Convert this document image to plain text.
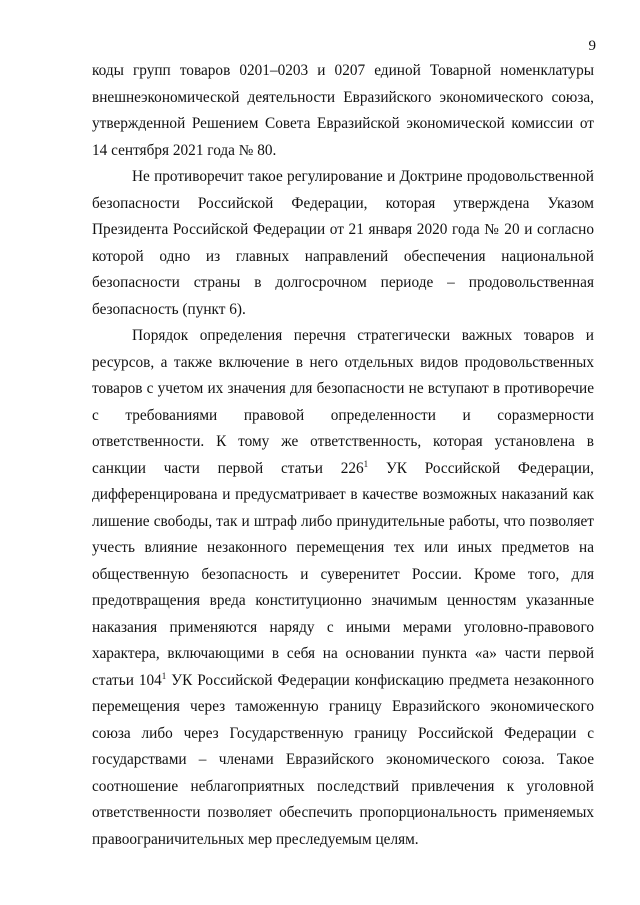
9

коды групп товаров 0201–0203 и 0207 единой Товарной номенклатуры внешнеэкономической деятельности Евразийского экономического союза, утвержденной Решением Совета Евразийской экономической комиссии от 14 сентября 2021 года № 80.

Не противоречит такое регулирование и Доктрине продовольственной безопасности Российской Федерации, которая утверждена Указом Президента Российской Федерации от 21 января 2020 года № 20 и согласно которой одно из главных направлений обеспечения национальной безопасности страны в долгосрочном периоде – продовольственная безопасность (пункт 6).

Порядок определения перечня стратегически важных товаров и ресурсов, а также включение в него отдельных видов продовольственных товаров с учетом их значения для безопасности не вступают в противоречие с требованиями правовой определенности и соразмерности ответственности. К тому же ответственность, которая установлена в санкции части первой статьи $226^1$ УК Российской Федерации, дифференцирована и предусматривает в качестве возможных наказаний как лишение свободы, так и штраф либо принудительные работы, что позволяет учесть влияние незаконного перемещения тех или иных предметов на общественную безопасность и суверенитет России. Кроме того, для предотвращения вреда конституционно значимым ценностям указанные наказания применяются наряду с иными мерами уголовно-правового характера, включающими в себя на основании пункта «а» части первой статьи $104^1$ УК Российской Федерации конфискацию предмета незаконного перемещения через таможенную границу Евразийского экономического союза либо через Государственную границу Российской Федерации с государствами – членами Евразийского экономического союза. Такое соотношение неблагоприятных последствий привлечения к уголовной ответственности позволяет обеспечить пропорциональность применяемых правоограничительных мер преследуемым целям.
